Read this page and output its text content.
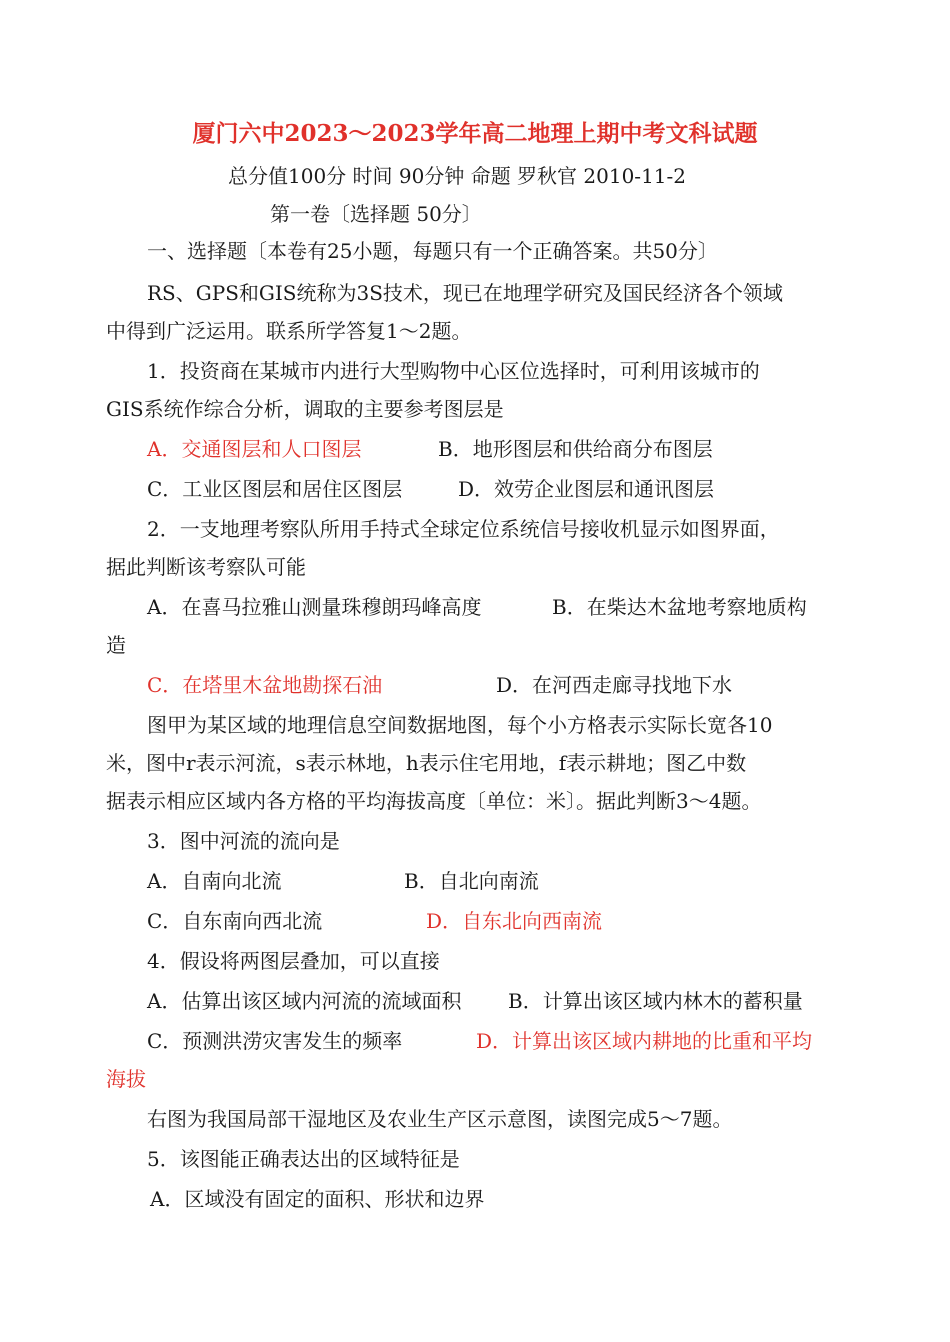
厦门六中2023～2023学年高二地理上期中考文科试题
总分值100分 时间 90分钟 命题 罗秋官 2010-11-2
第一卷〔选择题 50分〕
一、选择题〔本卷有25小题，每题只有一个正确答案。共50分〕
RS、GPS和GIS统称为3S技术，现已在地理学研究及国民经济各个领域
中得到广泛运用。联系所学答复1～2题。
1．投资商在某城市内进行大型购物中心区位选择时，可利用该城市的
GIS系统作综合分析，调取的主要参考图层是
A．交通图层和人口图层	B．地形图层和供给商分布图层
C．工业区图层和居住区图层	D．效劳企业图层和通讯图层
2．一支地理考察队所用手持式全球定位系统信号接收机显示如图界面，
据此判断该考察队可能
A．在喜马拉雅山测量珠穆朗玛峰高度	B．在柴达木盆地考察地质构
造
C．在塔里木盆地勘探石油	D．在河西走廊寻找地下水
图甲为某区域的地理信息空间数据地图，每个小方格表示实际长宽各10
米，图中r表示河流，s表示林地，h表示住宅用地，f表示耕地；图乙中数
据表示相应区域内各方格的平均海拔高度〔单位：米〕。据此判断3～4题。
3．图中河流的流向是
A．自南向北流	B．自北向南流
C．自东南向西北流	D．自东北向西南流
4．假设将两图层叠加，可以直接
A．估算出该区域内河流的流域面积 B．计算出该区域内林木的蓄积量
C．预测洪涝灾害发生的频率	D．计算出该区域内耕地的比重和平均
海拔
右图为我国局部干湿地区及农业生产区示意图，读图完成5～7题。
5．该图能正确表达出的区域特征是
A．区域没有固定的面积、形状和边界
